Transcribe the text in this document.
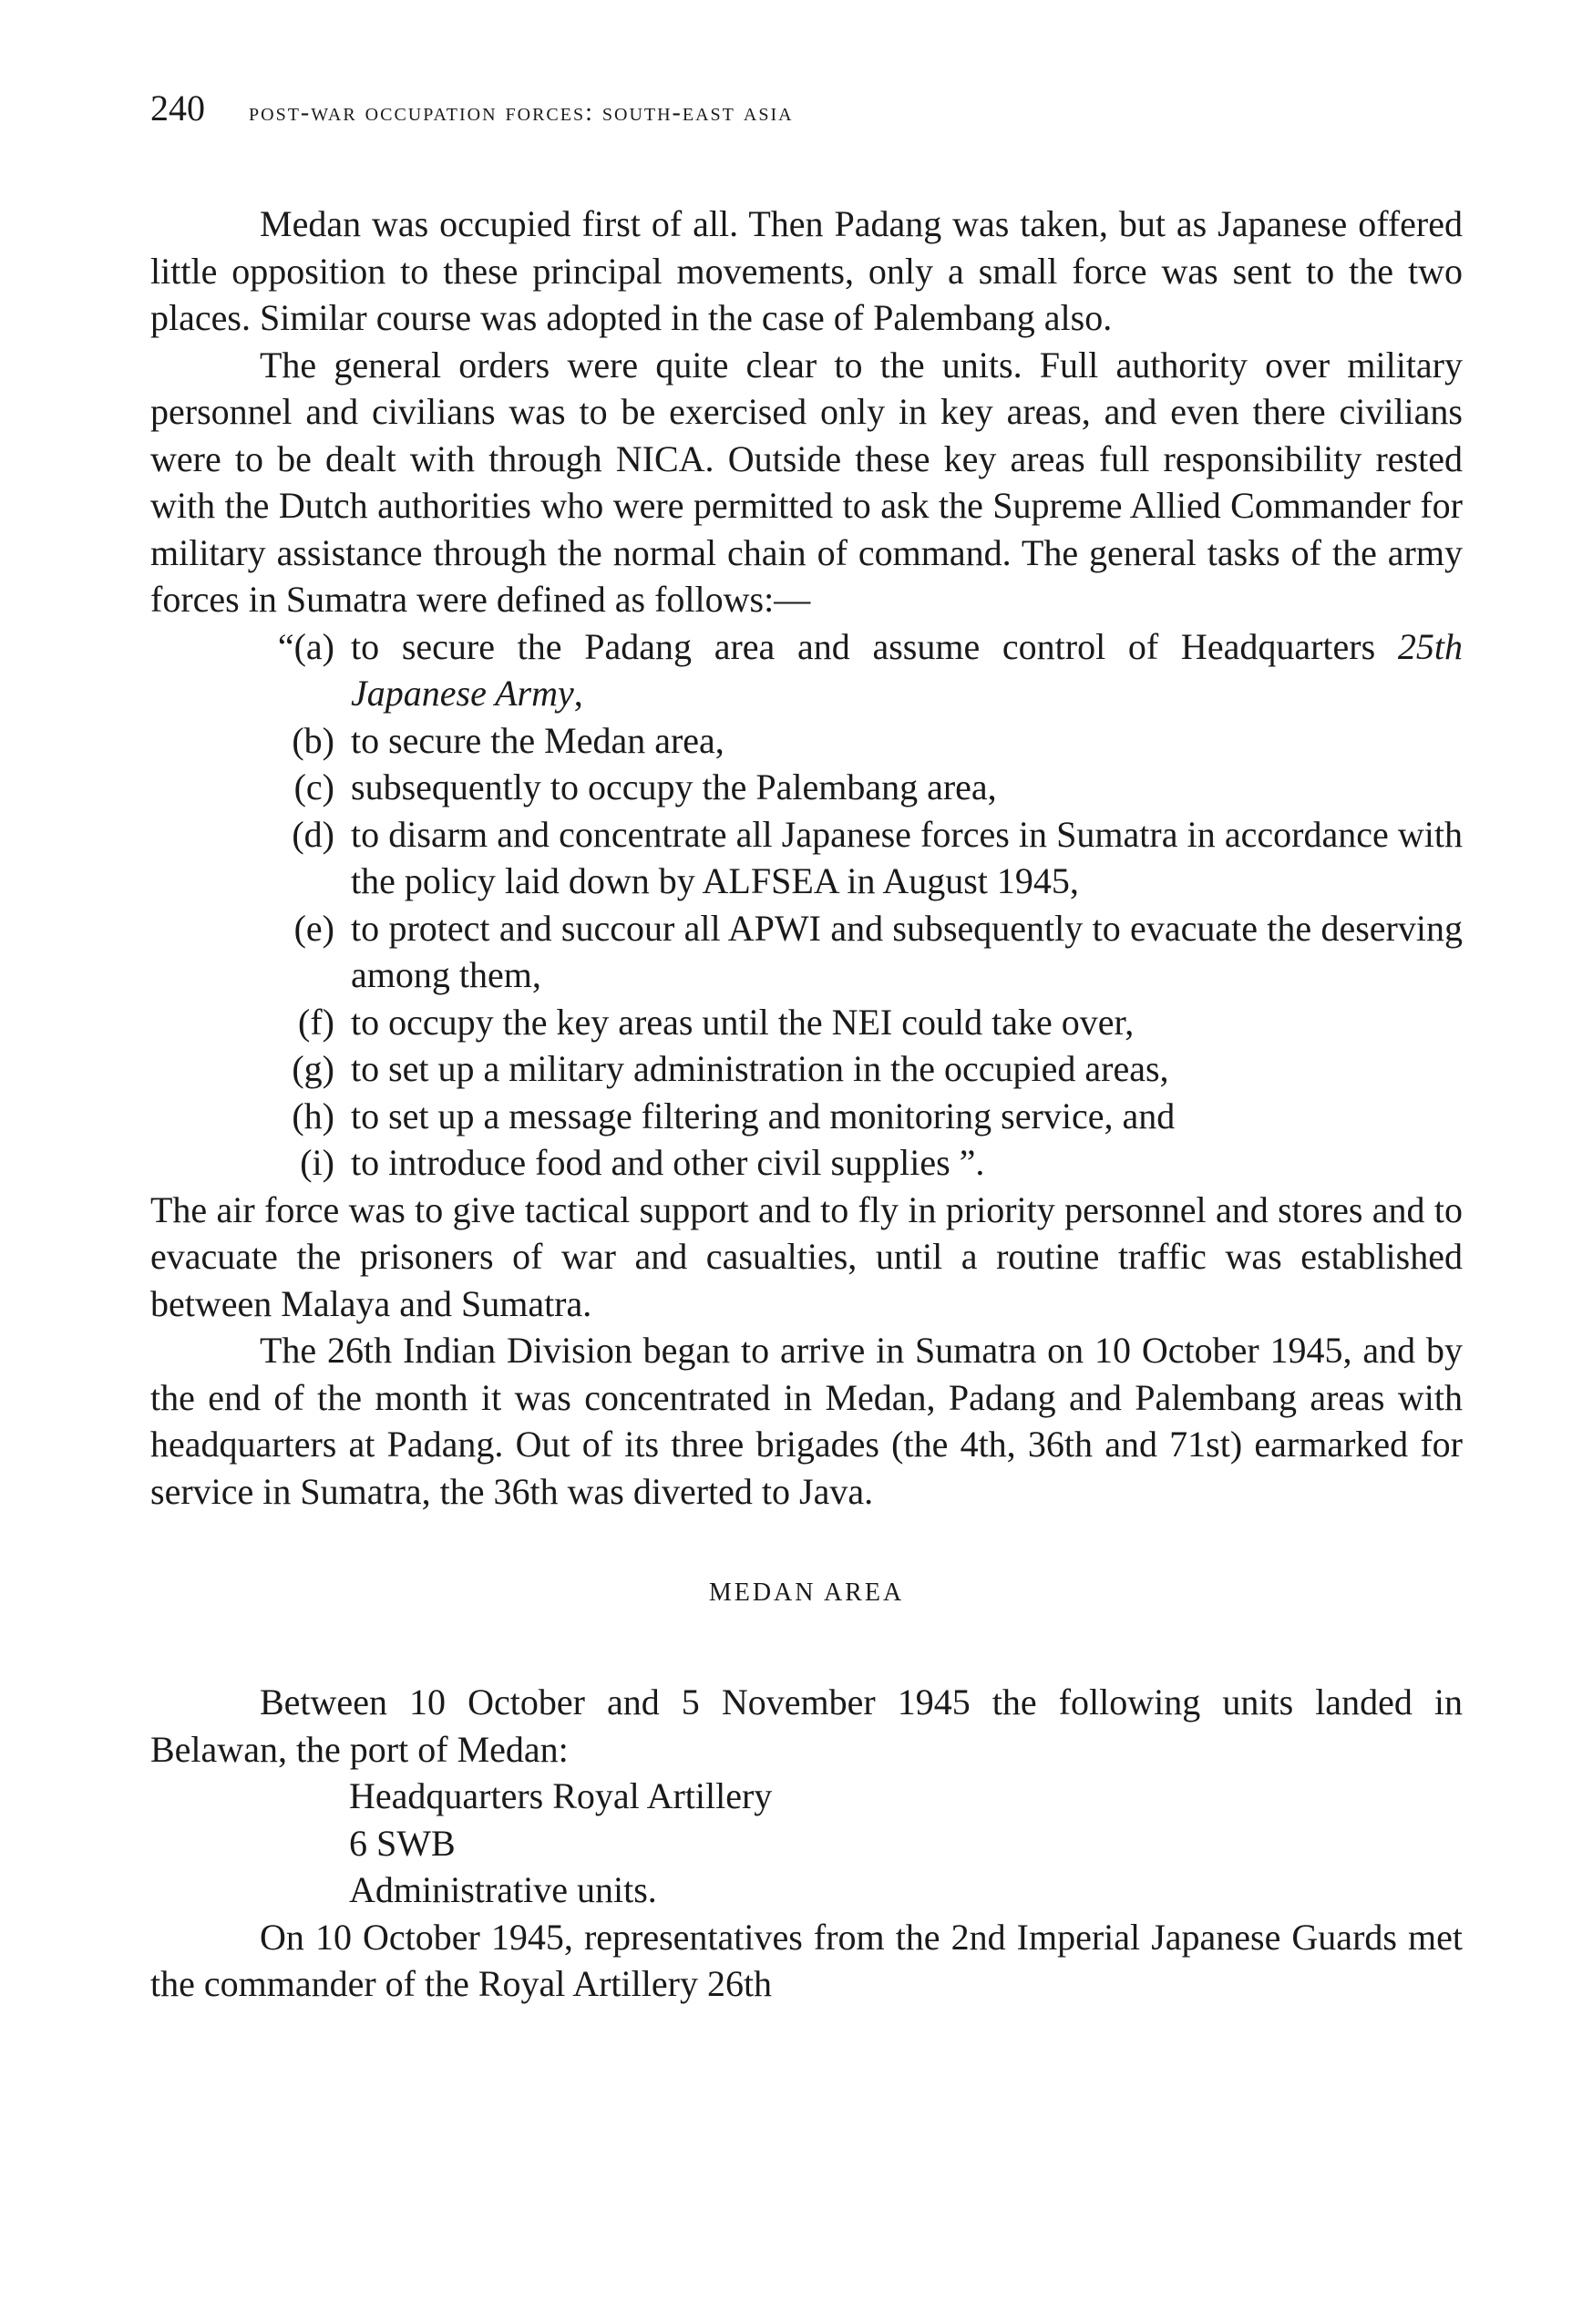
240 post-war occupation forces: south-east asia

Medan was occupied first of all. Then Padang was taken, but as Japanese offered little opposition to these principal movements, only a small force was sent to the two places. Similar course was adopted in the case of Palembang also.

The general orders were quite clear to the units. Full authority over military personnel and civilians was to be exercised only in key areas, and even there civilians were to be dealt with through NICA. Outside these key areas full responsibility rested with the Dutch authorities who were permitted to ask the Supreme Allied Commander for military assistance through the normal chain of command. The general tasks of the army forces in Sumatra were defined as follows:—

“(a) to secure the Padang area and assume control of Headquarters 25th Japanese Army,
(b) to secure the Medan area,
(c) subsequently to occupy the Palembang area,
(d) to disarm and concentrate all Japanese forces in Sumatra in accordance with the policy laid down by ALFSEA in August 1945,
(e) to protect and succour all APWI and subsequently to evacuate the deserving among them,
(f) to occupy the key areas until the NEI could take over,
(g) to set up a military administration in the occupied areas,
(h) to set up a message filtering and monitoring service, and
(i) to introduce food and other civil supplies ”.

The air force was to give tactical support and to fly in priority personnel and stores and to evacuate the prisoners of war and casualties, until a routine traffic was established between Malaya and Sumatra.

The 26th Indian Division began to arrive in Sumatra on 10 October 1945, and by the end of the month it was concentrated in Medan, Padang and Palembang areas with headquarters at Padang. Out of its three brigades (the 4th, 36th and 71st) earmarked for service in Sumatra, the 36th was diverted to Java.

MEDAN AREA

Between 10 October and 5 November 1945 the following units landed in Belawan, the port of Medan:

Headquarters Royal Artillery
6 SWB
Administrative units.

On 10 October 1945, representatives from the 2nd Imperial Japanese Guards met the commander of the Royal Artillery 26th
